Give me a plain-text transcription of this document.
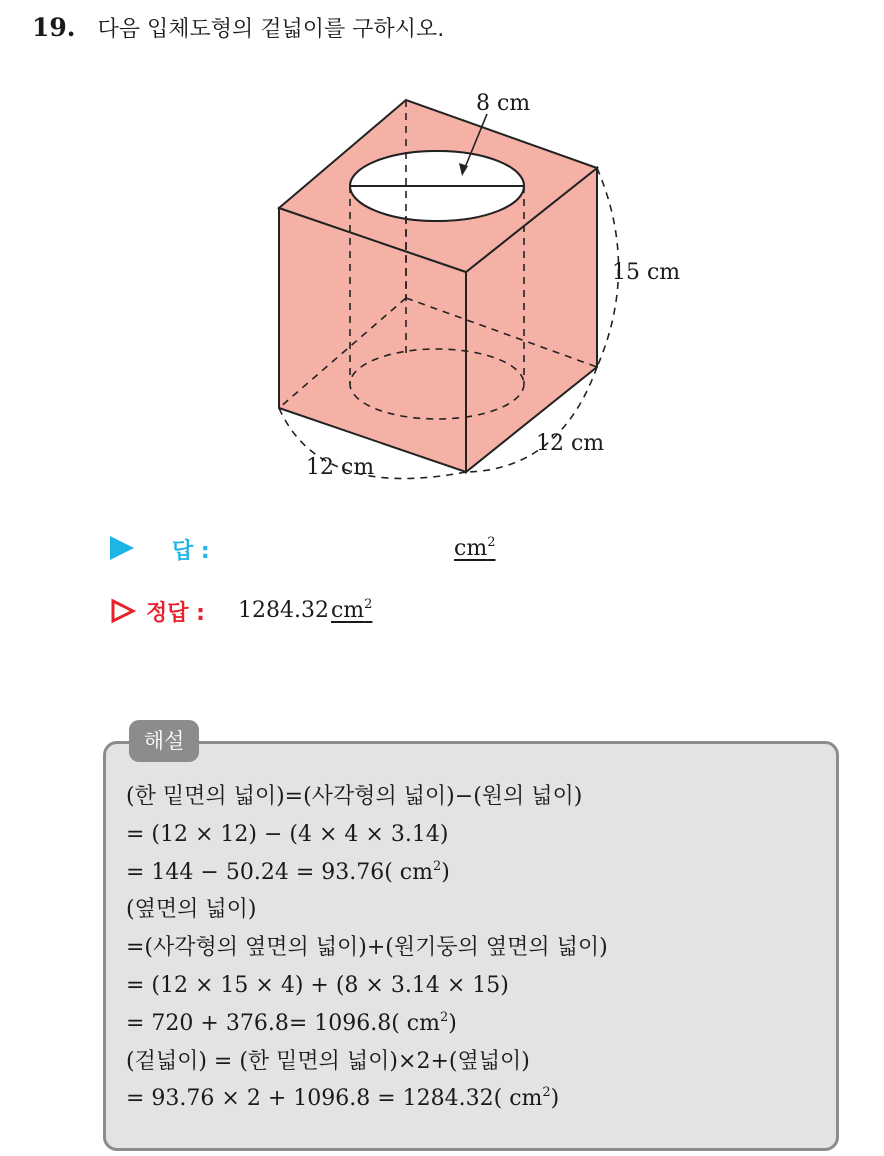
19. 다음 입체도형의 겉넓이를 구하시오.
8 cm
15 cm
12 cm
12 cm
답 :	$cm^2$
정답 : $1284.32cm^2$
해설
(한 밑면의 넓이)=(사각형의 넓이)−(원의 넓이)
= (12 × 12) − (4 × 4 × 3.14)
= 144 − 50.24 = 93.76( $cm^2$)
(옆면의 넓이)
=(사각형의 옆면의 넓이)+(원기둥의 옆면의 넓이)
= (12 × 15 × 4) + (8 × 3.14 × 15)
= 720 + 376.8= 1096.8( $cm^2$)
(겉넓이) = (한 밑면의 넓이)×2+(옆넓이)
= 93.76 × 2 + 1096.8 = 1284.32( $cm^2$)
